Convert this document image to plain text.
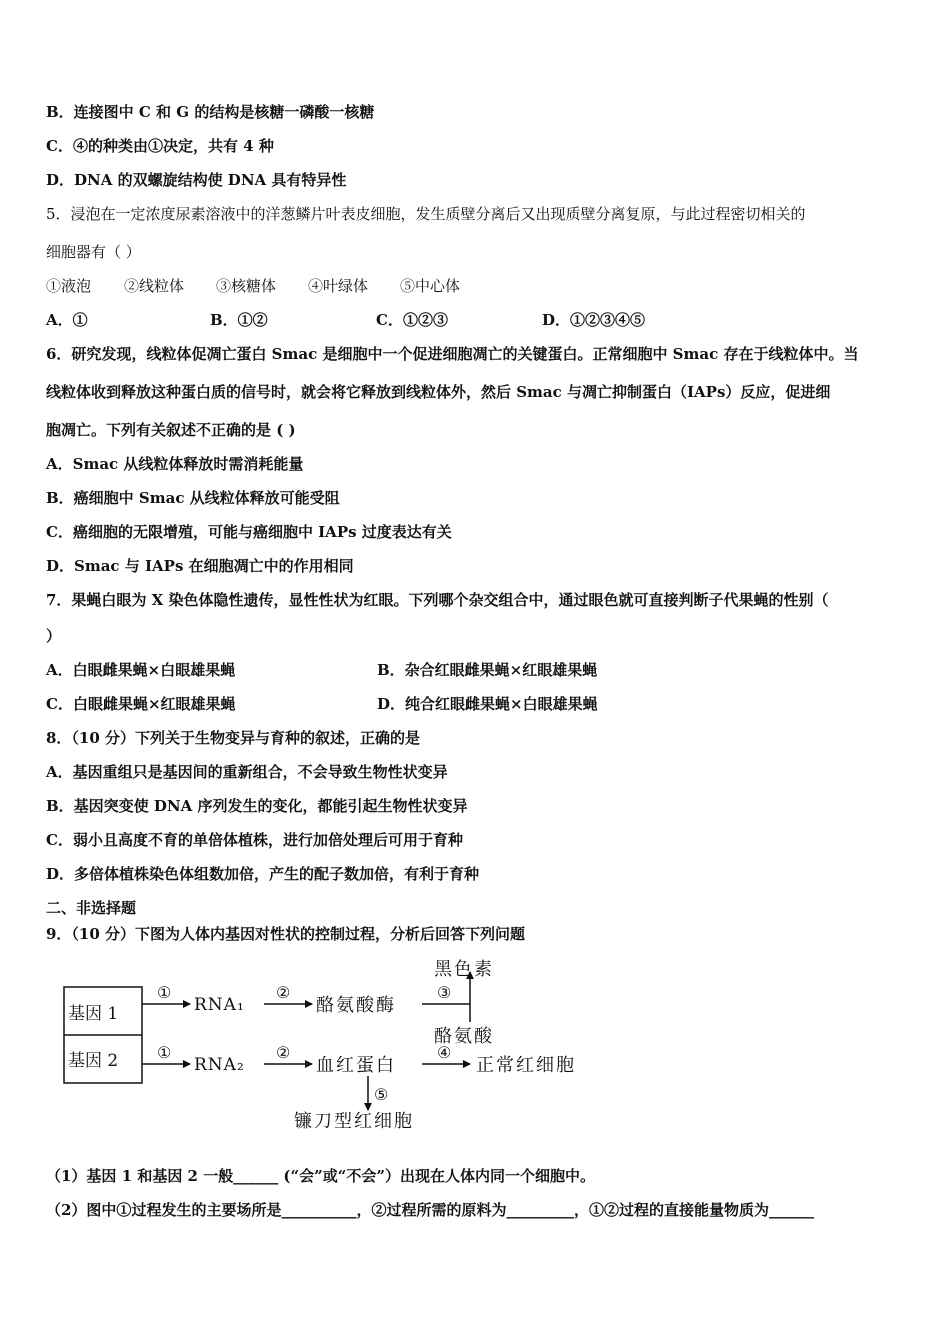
B．连接图中 C 和 G 的结构是核糖一磷酸一核糖
C．④的种类由①决定，共有 4 种
D．DNA 的双螺旋结构使 DNA 具有特异性
5．浸泡在一定浓度尿素溶液中的洋葱鳞片叶表皮细胞，发生质壁分离后又出现质壁分离复原，与此过程密切相关的
细胞器有（ ）
①液泡 ②线粒体 ③核糖体 ④叶绿体 ⑤中心体
A．①	B．①②	C．①②③	D．①②③④⑤
6．研究发现，线粒体促凋亡蛋白 Smac 是细胞中一个促进细胞凋亡的关键蛋白。正常细胞中 Smac 存在于线粒体中。当
线粒体收到释放这种蛋白质的信号时，就会将它释放到线粒体外，然后 Smac 与凋亡抑制蛋白（IAPs）反应，促进细
胞凋亡。下列有关叙述不正确的是 ( )
A．Smac 从线粒体释放时需消耗能量
B．癌细胞中 Smac 从线粒体释放可能受阻
C．癌细胞的无限增殖，可能与癌细胞中 IAPs 过度表达有关
D．Smac 与 IAPs 在细胞凋亡中的作用相同
7．果蝇白眼为 X 染色体隐性遗传，显性性状为红眼。下列哪个杂交组合中，通过眼色就可直接判断子代果蝇的性别（
）
A．白眼雌果蝇×白眼雄果蝇	B．杂合红眼雌果蝇×红眼雄果蝇
C．白眼雌果蝇×红眼雄果蝇	D．纯合红眼雌果蝇×白眼雄果蝇
8．（10 分）下列关于生物变异与育种的叙述，正确的是
A．基因重组只是基因间的重新组合，不会导致生物性状变异
B．基因突变使 DNA 序列发生的变化，都能引起生物性状变异
C．弱小且高度不育的单倍体植株，进行加倍处理后可用于育种
D．多倍体植株染色体组数加倍，产生的配子数加倍，有利于育种
二、非选择题
9．（10 分）下图为人体内基因对性状的控制过程，分析后回答下列问题
基因 1
基因 2
①
RNA₁
②
酪氨酸酶
③
黑色素
酪氨酸
①
RNA₂
②
血红蛋白
④
正常红细胞
⑤
镰刀型红细胞
（1）基因 1 和基因 2 一般______ (“会”或“不会”）出现在人体内同一个细胞中。
（2）图中①过程发生的主要场所是__________，②过程所需的原料为_________，①②过程的直接能量物质为______
